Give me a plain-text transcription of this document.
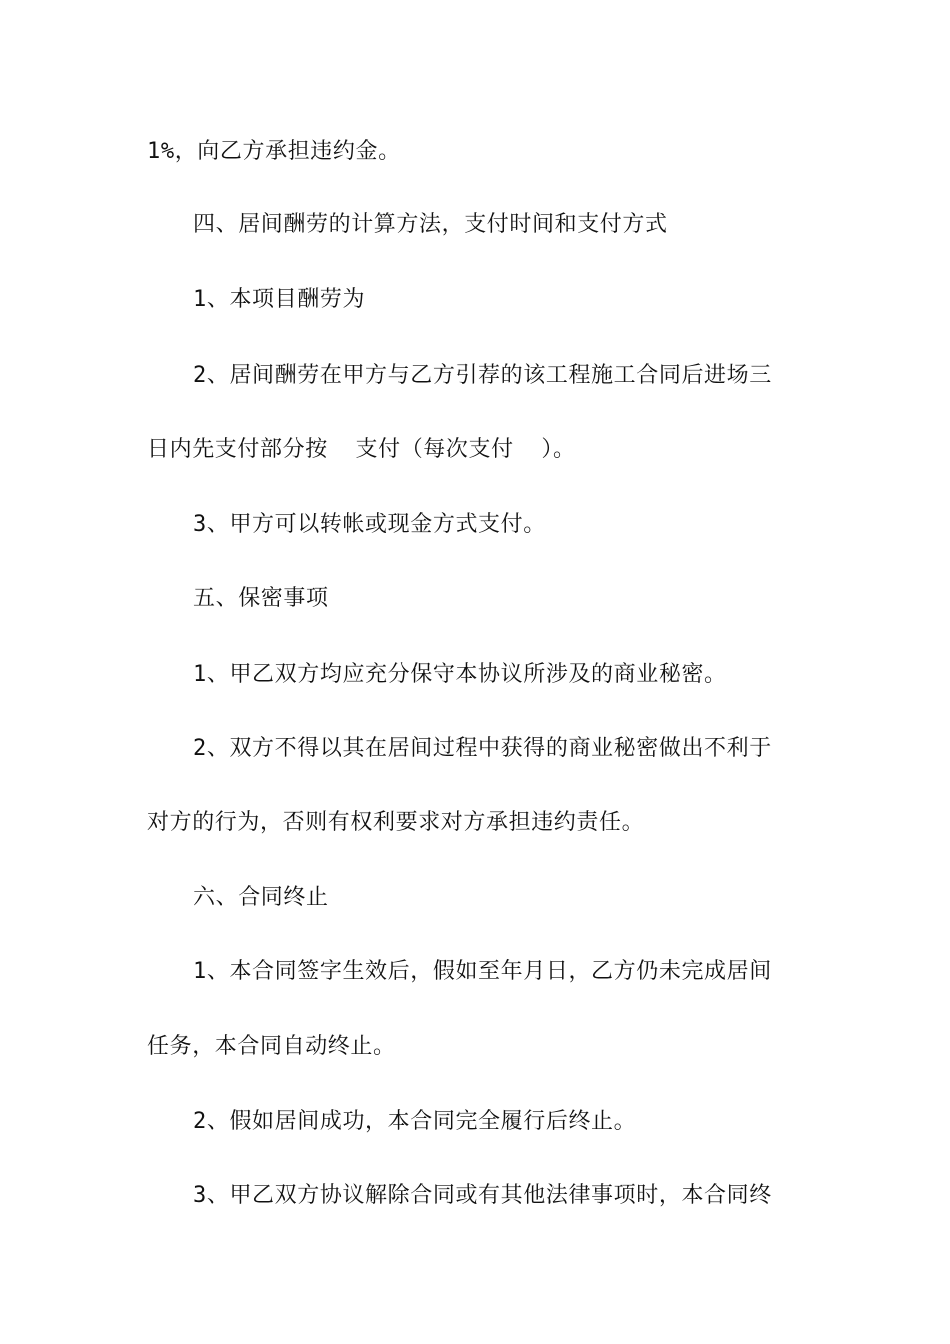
1%，向乙方承担违约金。
四、居间酬劳的计算方法，支付时间和支付方式
1、本项目酬劳为
2、居间酬劳在甲方与乙方引荐的该工程施工合同后进场三
日内先支付部分按  支付（每次支付  ）。
3、甲方可以转帐或现金方式支付。
五、保密事项
1、甲乙双方均应充分保守本协议所涉及的商业秘密。
2、双方不得以其在居间过程中获得的商业秘密做出不利于
对方的行为，否则有权利要求对方承担违约责任。
六、合同终止
1、本合同签字生效后，假如至年月日，乙方仍未完成居间
任务，本合同自动终止。
2、假如居间成功，本合同完全履行后终止。
3、甲乙双方协议解除合同或有其他法律事项时，本合同终
